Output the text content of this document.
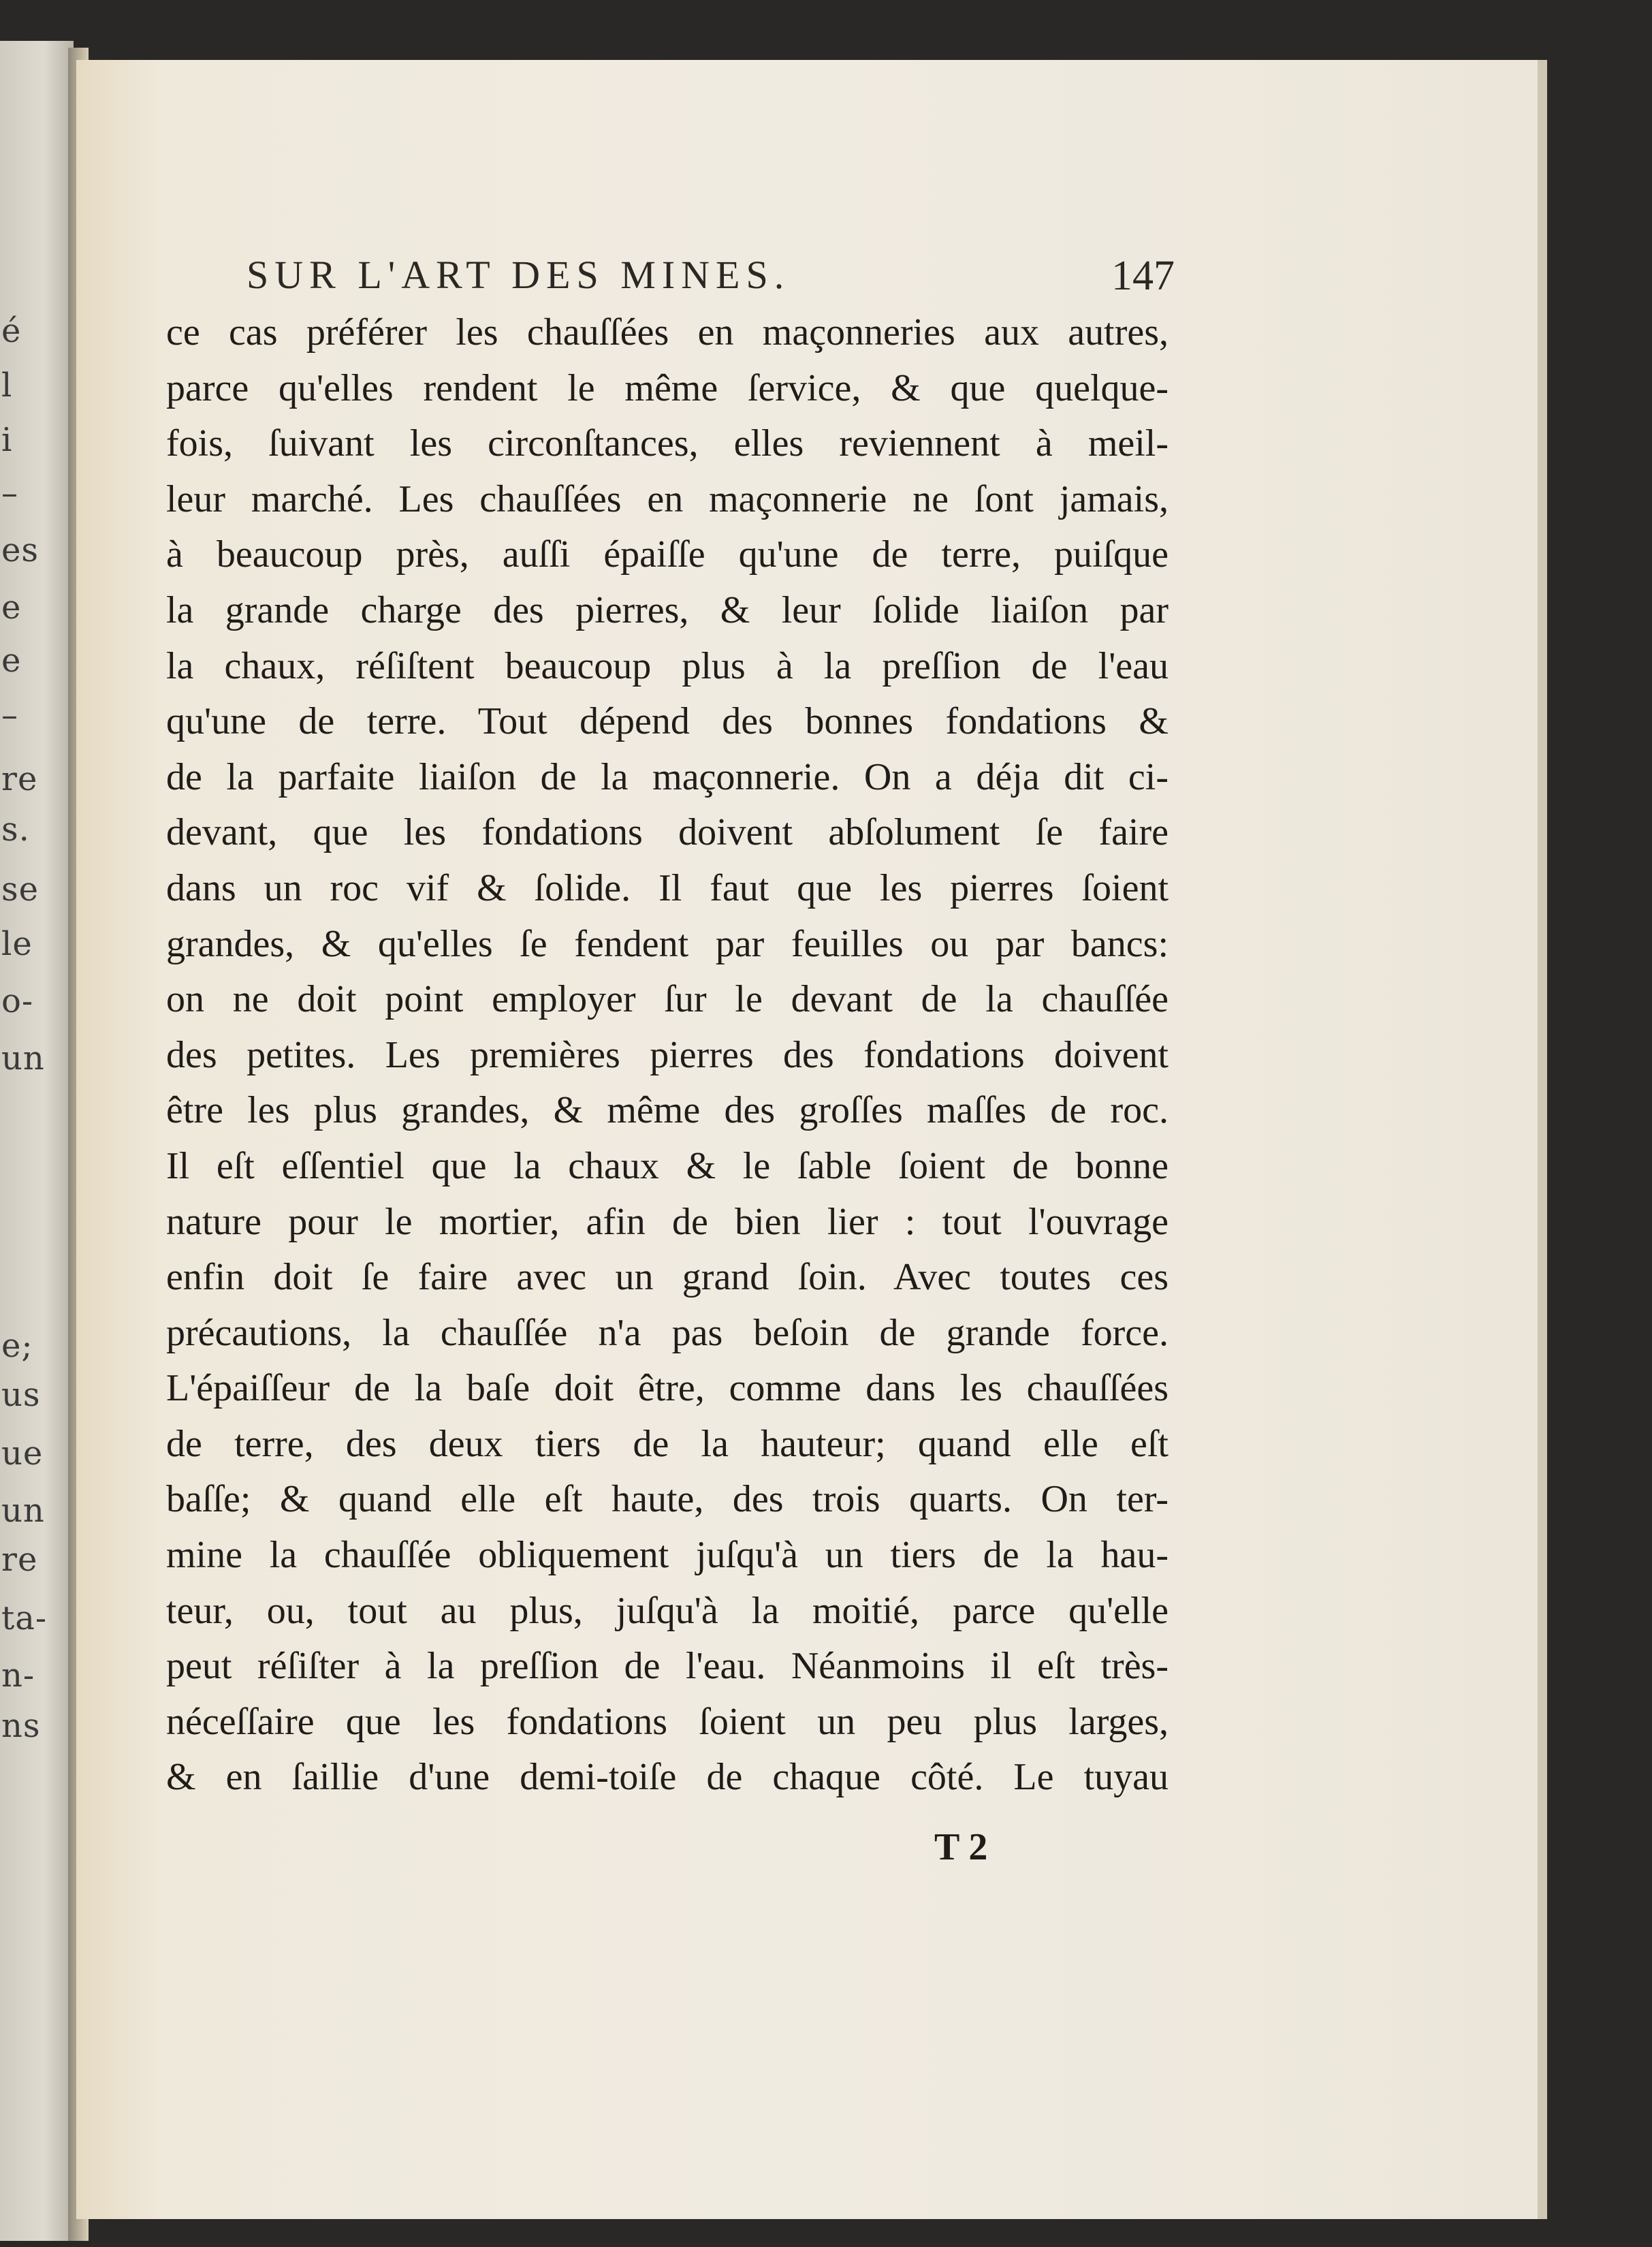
é
l
i
–
es
e
e
–
re
s.
se
le
o-
un
e;
us
ue
un
re
ta-
n-
ns
SUR L'ART DES MINES.	147
ce cas préférer les chauſſées en maçonneries aux autres,
parce qu'elles rendent le même ſervice, & que quelque-
fois, ſuivant les circonſtances, elles reviennent à meil-
leur marché. Les chauſſées en maçonnerie ne ſont jamais,
à beaucoup près, auſſi épaiſſe qu'une de terre, puiſque
la grande charge des pierres, & leur ſolide liaiſon par
la chaux, réſiſtent beaucoup plus à la preſſion de l'eau
qu'une de terre. Tout dépend des bonnes fondations &
de la parfaite liaiſon de la maçonnerie. On a déja dit ci-
devant, que les fondations doivent abſolument ſe faire
dans un roc vif & ſolide. Il faut que les pierres ſoient
grandes, & qu'elles ſe fendent par feuilles ou par bancs:
on ne doit point employer ſur le devant de la chauſſée
des petites. Les premières pierres des fondations doivent
être les plus grandes, & même des groſſes maſſes de roc.
Il eſt eſſentiel que la chaux & le ſable ſoient de bonne
nature pour le mortier, afin de bien lier : tout l'ouvrage
enfin doit ſe faire avec un grand ſoin. Avec toutes ces
précautions, la chauſſée n'a pas beſoin de grande force.
L'épaiſſeur de la baſe doit être, comme dans les chauſſées
de terre, des deux tiers de la hauteur; quand elle eſt
baſſe; & quand elle eſt haute, des trois quarts. On ter-
mine la chauſſée obliquement juſqu'à un tiers de la hau-
teur, ou, tout au plus, juſqu'à la moitié, parce qu'elle
peut réſiſter à la preſſion de l'eau. Néanmoins il eſt très-
néceſſaire que les fondations ſoient un peu plus larges,
& en ſaillie d'une demi-toiſe de chaque côté. Le tuyau
T 2
